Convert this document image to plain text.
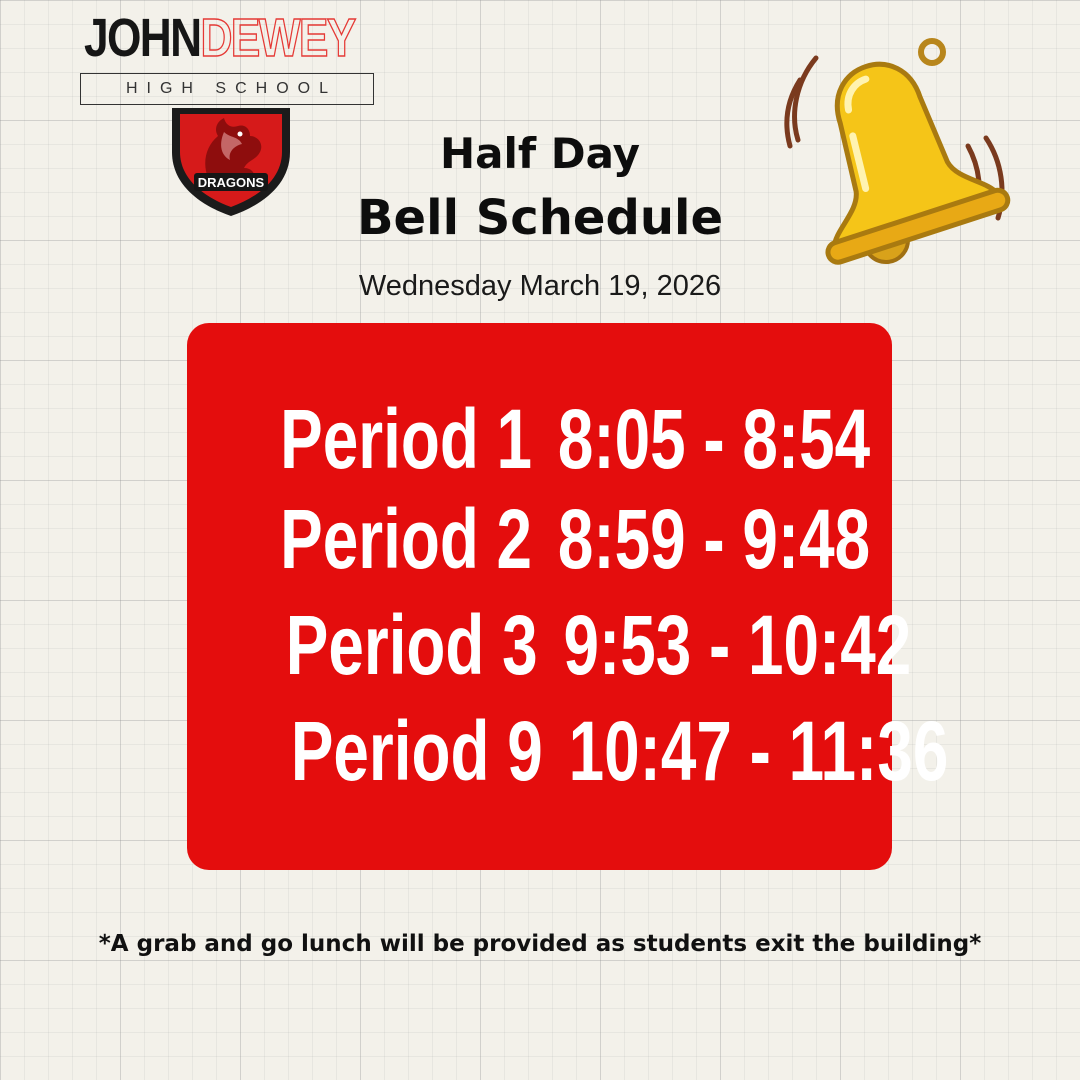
JOHNDEWEY
HIGH SCHOOL
DRAGONS
Half Day
Bell Schedule
Wednesday March 19, 2026
Period 1 8:05 - 8:54
Period 2 8:59 - 9:48
Period 3 9:53 - 10:42
Period 9 10:47 - 11:36
*A grab and go lunch will be provided as students exit the building*
